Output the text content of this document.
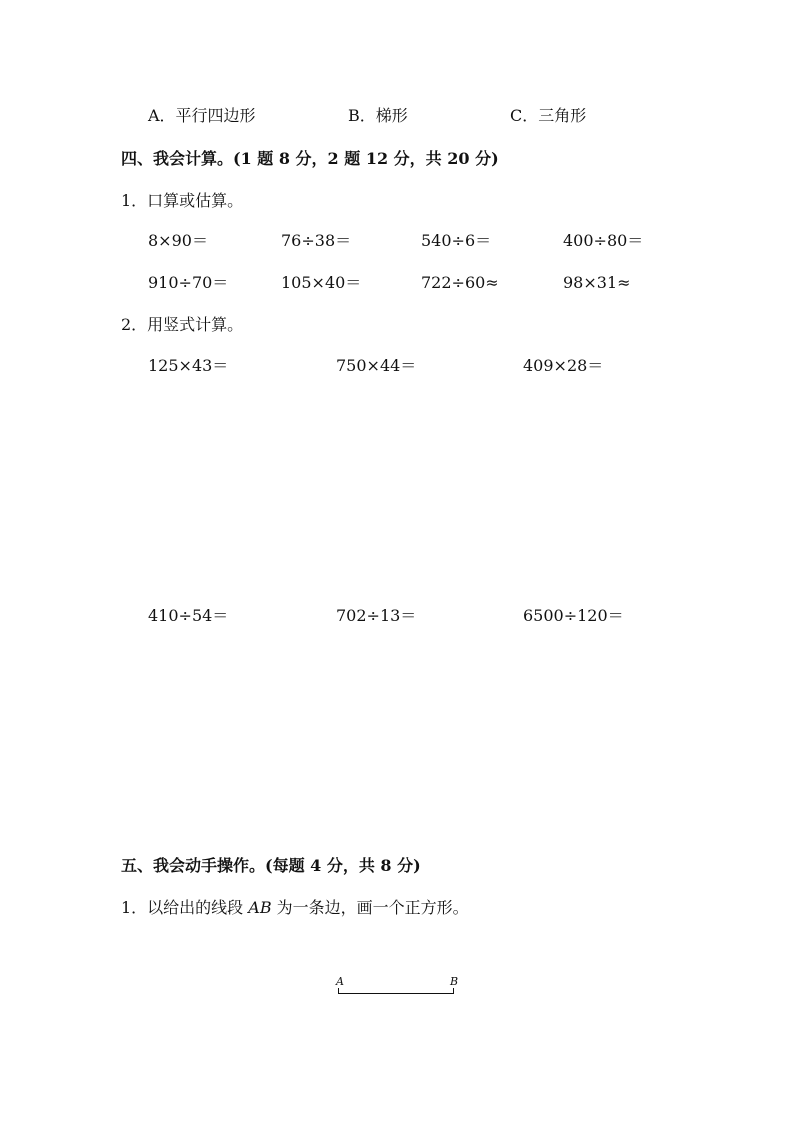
A．平行四边形	B．梯形	C．三角形
四、我会计算。(1 题 8 分，2 题 12 分，共 20 分)
1．口算或估算。
8×90＝	76÷38＝	540÷6＝	400÷80＝
910÷70＝	105×40＝	722÷60≈	98×31≈
2．用竖式计算。
125×43＝	750×44＝	409×28＝
410÷54＝	702÷13＝	6500÷120＝
五、我会动手操作。(每题 4 分，共 8 分)
1．以给出的线段 AB 为一条边，画一个正方形。
A	B
